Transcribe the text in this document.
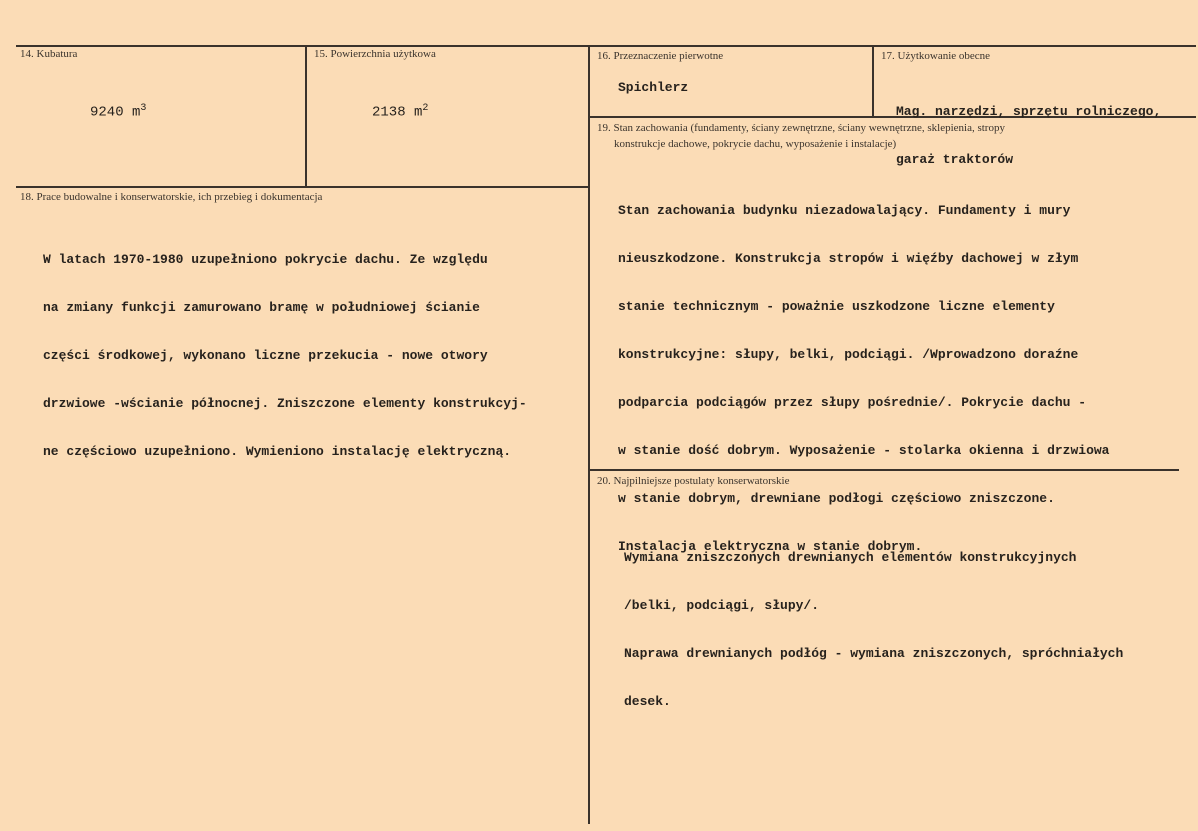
14. Kubatura
9240 $m^3$
15. Powierzchnia użytkowa
2138 $m^2$
16. Przeznaczenie pierwotne
Spichlerz
17. Użytkowanie obecne

Mag. narzędzi, sprzętu rolniczego,

garaż traktorów

18. Prace budowalne i konserwatorskie, ich przebieg i dokumentacja

W latach 1970-1980 uzupełniono pokrycie dachu. Ze względu

na zmiany funkcji zamurowano bramę w południowej ścianie

części środkowej, wykonano liczne przekucia - nowe otwory

drzwiowe -wścianie północnej. Zniszczone elementy konstrukcyj-

ne częściowo uzupełniono. Wymieniono instalację elektryczną.

19. Stan zachowania (fundamenty, ściany zewnętrzne, ściany wewnętrzne, sklepienia, stropy
konstrukcje dachowe, pokrycie dachu, wyposażenie i instalacje)

Stan zachowania budynku niezadowalający. Fundamenty i mury

nieuszkodzone. Konstrukcja stropów i więźby dachowej w złym

stanie technicznym - poważnie uszkodzone liczne elementy

konstrukcyjne: słupy, belki, podciągi. /Wprowadzono doraźne

podparcia podciągów przez słupy pośrednie/. Pokrycie dachu -

w stanie dość dobrym. Wyposażenie - stolarka okienna i drzwiowa

w stanie dobrym, drewniane podłogi częściowo zniszczone.

Instalacja elektryczna w stanie dobrym.

20. Najpilniejsze postulaty konserwatorskie

Wymiana zniszczonych drewnianych elementów konstrukcyjnych

/belki, podciągi, słupy/.

Naprawa drewnianych podłóg - wymiana zniszczonych, spróchniałych

desek.
